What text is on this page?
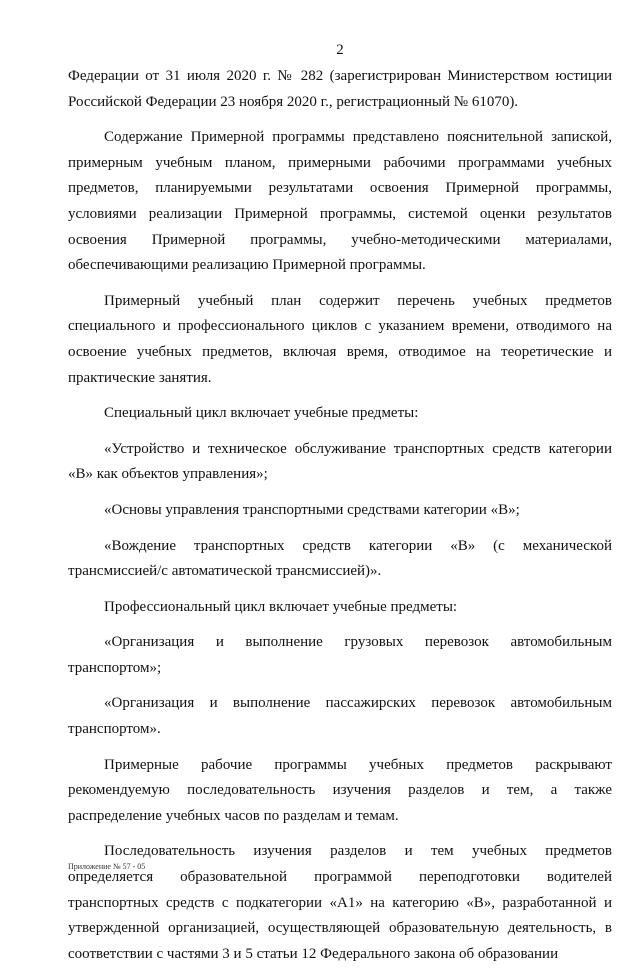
2

Федерации от 31 июля 2020 г. № 282 (зарегистрирован Министерством юстиции Российской Федерации 23 ноября 2020 г., регистрационный № 61070).

Содержание Примерной программы представлено пояснительной запиской, примерным учебным планом, примерными рабочими программами учебных предметов, планируемыми результатами освоения Примерной программы, условиями реализации Примерной программы, системой оценки результатов освоения Примерной программы, учебно-методическими материалами, обеспечивающими реализацию Примерной программы.

Примерный учебный план содержит перечень учебных предметов специального и профессионального циклов с указанием времени, отводимого на освоение учебных предметов, включая время, отводимое на теоретические и практические занятия.

Специальный цикл включает учебные предметы:

«Устройство и техническое обслуживание транспортных средств категории «В» как объектов управления»;

«Основы управления транспортными средствами категории «В»;

«Вождение транспортных средств категории «В» (с механической трансмиссией/с автоматической трансмиссией)».

Профессиональный цикл включает учебные предметы:

«Организация и выполнение грузовых перевозок автомобильным транспортом»;

«Организация и выполнение пассажирских перевозок автомобильным транспортом».

Примерные рабочие программы учебных предметов раскрывают рекомендуемую последовательность изучения разделов и тем, а также распределение учебных часов по разделам и темам.

Последовательность изучения разделов и тем учебных предметов определяется образовательной программой переподготовки водителей транспортных средств с подкатегории «А1» на категорию «В», разработанной и утвержденной организацией, осуществляющей образовательную деятельность, в соответствии с частями 3 и 5 статьи 12 Федерального закона об образовании

Приложение № 57 - 05
